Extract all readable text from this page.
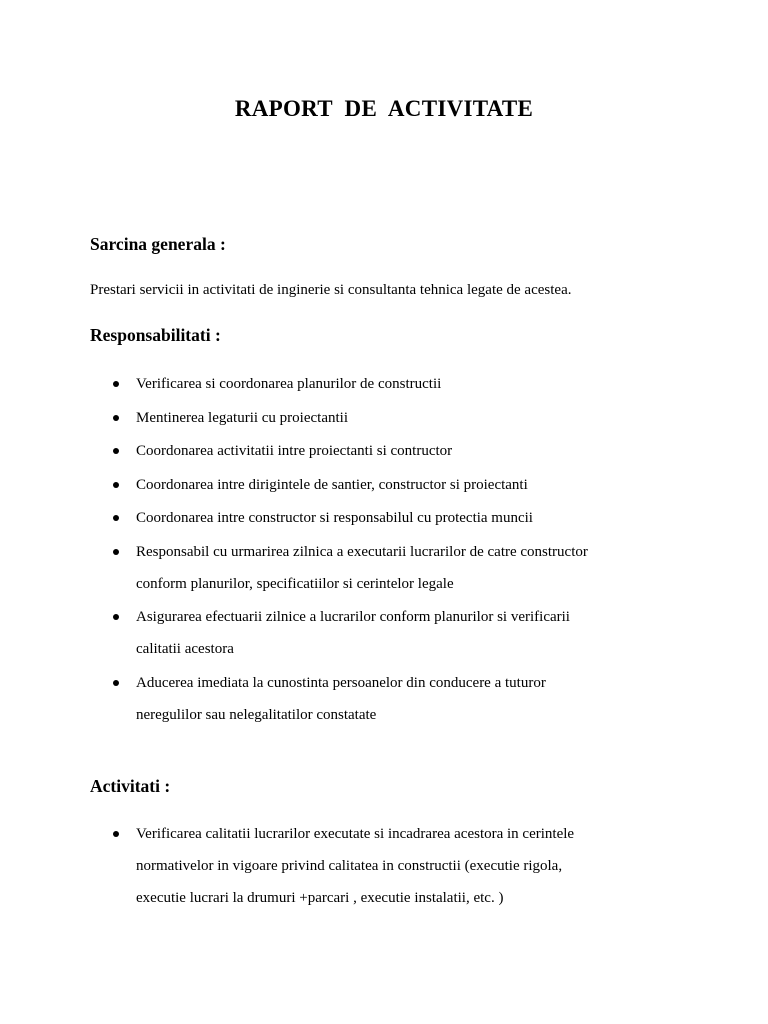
RAPORT DE ACTIVITATE
Sarcina generala :

Prestari servicii in activitati de inginerie si consultanta tehnica legate de acestea.

Responsabilitati :
Verificarea si coordonarea planurilor de constructii
Mentinerea legaturii cu proiectantii
Coordonarea activitatii intre proiectanti si contructor
Coordonarea intre dirigintele de santier, constructor si proiectanti
Coordonarea intre constructor si responsabilul cu protectia muncii
Responsabil cu urmarirea zilnica a executarii lucrarilor de catre constructor
conform planurilor, specificatiilor si cerintelor legale
Asigurarea efectuarii zilnice a lucrarilor conform planurilor si verificarii
calitatii acestora
Aducerea imediata la cunostinta persoanelor din conducere a tuturor
neregulilor sau nelegalitatilor constatate
Activitati :
Verificarea calitatii lucrarilor executate si incadrarea acestora in cerintele
normativelor in vigoare privind calitatea in constructii (executie rigola,
executie lucrari la drumuri +parcari , executie instalatii, etc. )
